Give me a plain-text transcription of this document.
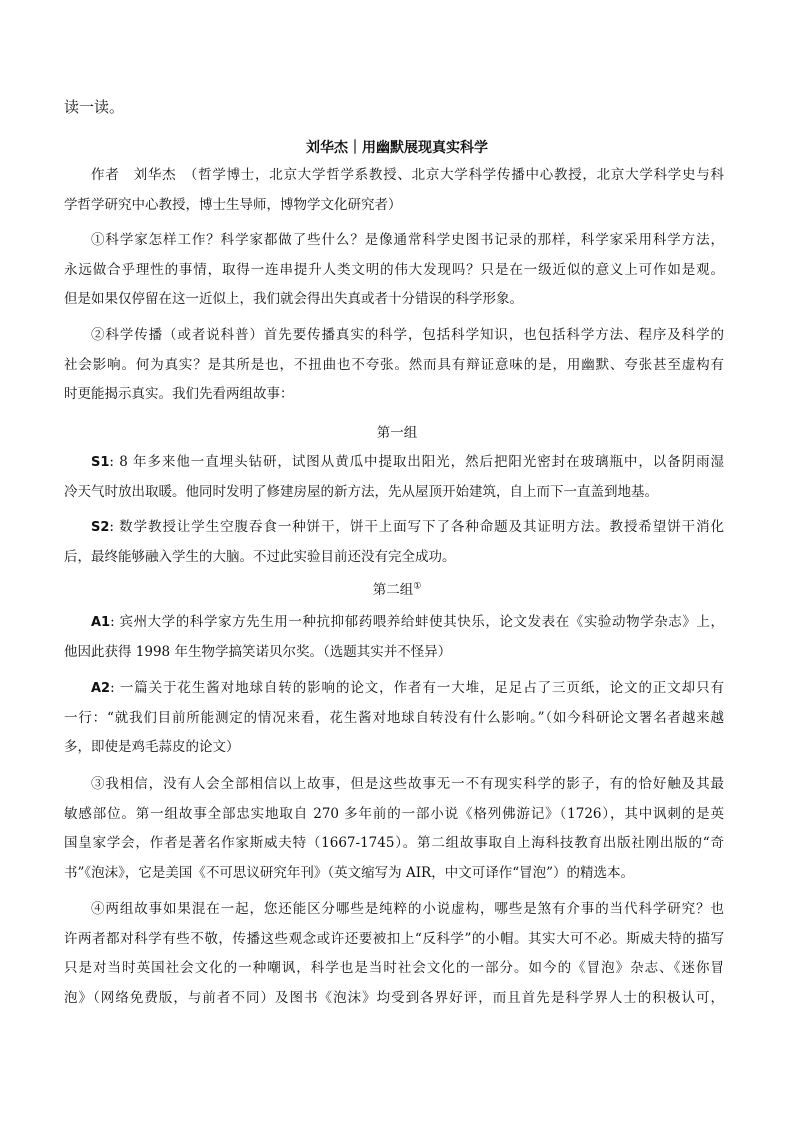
读一读。
刘华杰｜用幽默展现真实科学
作者　刘华杰　（哲学博士，北京大学哲学系教授、北京大学科学传播中心教授，北京大学科学史与科
学哲学研究中心教授，博士生导师，博物学文化研究者）
①科学家怎样工作？科学家都做了些什么？是像通常科学史图书记录的那样，科学家采用科学方法，
永远做合乎理性的事情，取得一连串提升人类文明的伟大发现吗？只是在一级近似的意义上可作如是观。
但是如果仅停留在这一近似上，我们就会得出失真或者十分错误的科学形象。
②科学传播（或者说科普）首先要传播真实的科学，包括科学知识，也包括科学方法、程序及科学的
社会影响。何为真实？是其所是也，不扭曲也不夸张。然而具有辩证意味的是，用幽默、夸张甚至虚构有
时更能揭示真实。我们先看两组故事：
第一组
S1: 8 年多来他一直埋头钻研，试图从黄瓜中提取出阳光，然后把阳光密封在玻璃瓶中，以备阴雨湿
冷天气时放出取暖。他同时发明了修建房屋的新方法，先从屋顶开始建筑，自上而下一直盖到地基。
S2: 数学教授让学生空腹吞食一种饼干，饼干上面写下了各种命题及其证明方法。教授希望饼干消化
后，最终能够融入学生的大脑。不过此实验目前还没有完全成功。
第二组①
A1: 宾州大学的科学家方先生用一种抗抑郁药喂养给蚌使其快乐，论文发表在《实验动物学杂志》上，
他因此获得 1998 年生物学搞笑诺贝尔奖。（选题其实并不怪异）
A2: 一篇关于花生酱对地球自转的影响的论文，作者有一大堆，足足占了三页纸，论文的正文却只有
一行：“就我们目前所能测定的情况来看，花生酱对地球自转没有什么影响。”（如今科研论文署名者越来越
多，即使是鸡毛蒜皮的论文）
③我相信，没有人会全部相信以上故事，但是这些故事无一不有现实科学的影子，有的恰好触及其最
敏感部位。第一组故事全部忠实地取自 270 多年前的一部小说《格列佛游记》（1726），其中讽刺的是英
国皇家学会，作者是著名作家斯威夫特（1667-1745）。第二组故事取自上海科技教育出版社刚出版的“奇
书”《泡沫》，它是美国《不可思议研究年刊》（英文缩写为 AIR，中文可译作“冒泡”）的精选本。
④两组故事如果混在一起，您还能区分哪些是纯粹的小说虚构，哪些是煞有介事的当代科学研究？也
许两者都对科学有些不敬，传播这些观念或许还要被扣上“反科学”的小帽。其实大可不必。斯威夫特的描写
只是对当时英国社会文化的一种嘲讽，科学也是当时社会文化的一部分。如今的《冒泡》杂志、《迷你冒
泡》（网络免费版，与前者不同）及图书《泡沫》均受到各界好评，而且首先是科学界人士的积极认可，
